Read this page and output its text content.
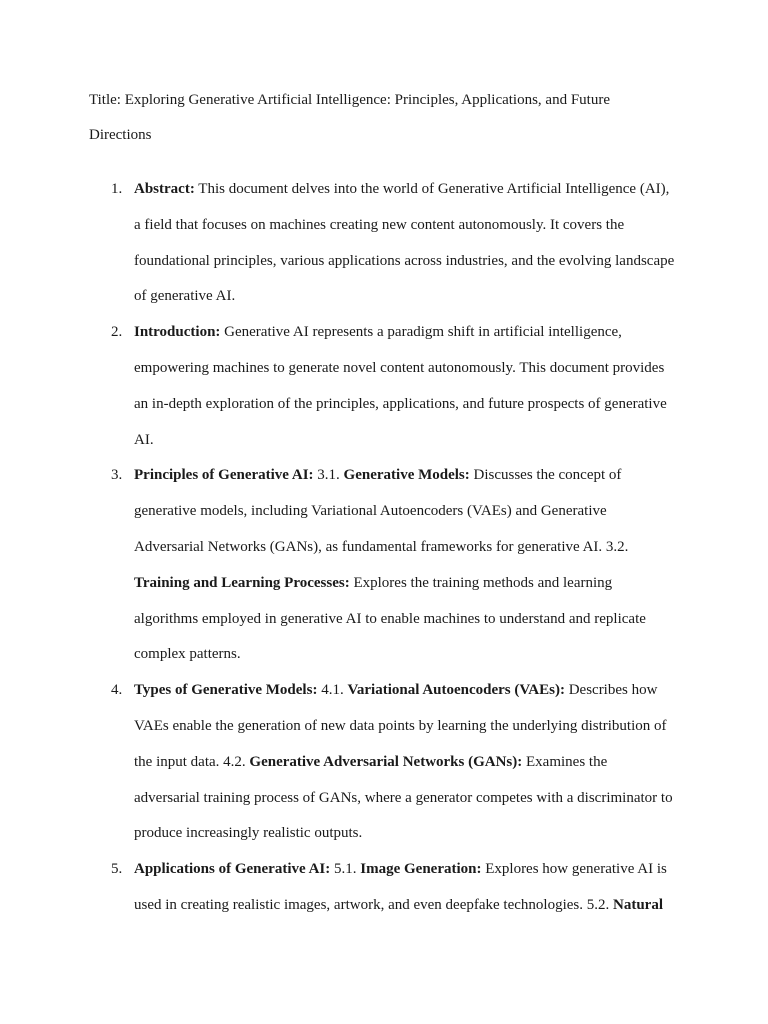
Title: Exploring Generative Artificial Intelligence: Principles, Applications, and Future
Directions
1. Abstract: This document delves into the world of Generative Artificial Intelligence (AI),
a field that focuses on machines creating new content autonomously. It covers the
foundational principles, various applications across industries, and the evolving landscape
of generative AI.
2. Introduction: Generative AI represents a paradigm shift in artificial intelligence,
empowering machines to generate novel content autonomously. This document provides
an in-depth exploration of the principles, applications, and future prospects of generative
AI.
3. Principles of Generative AI: 3.1. Generative Models: Discusses the concept of
generative models, including Variational Autoencoders (VAEs) and Generative
Adversarial Networks (GANs), as fundamental frameworks for generative AI. 3.2.
Training and Learning Processes: Explores the training methods and learning
algorithms employed in generative AI to enable machines to understand and replicate
complex patterns.
4. Types of Generative Models: 4.1. Variational Autoencoders (VAEs): Describes how
VAEs enable the generation of new data points by learning the underlying distribution of
the input data. 4.2. Generative Adversarial Networks (GANs): Examines the
adversarial training process of GANs, where a generator competes with a discriminator to
produce increasingly realistic outputs.
5. Applications of Generative AI: 5.1. Image Generation: Explores how generative AI is
used in creating realistic images, artwork, and even deepfake technologies. 5.2. Natural
